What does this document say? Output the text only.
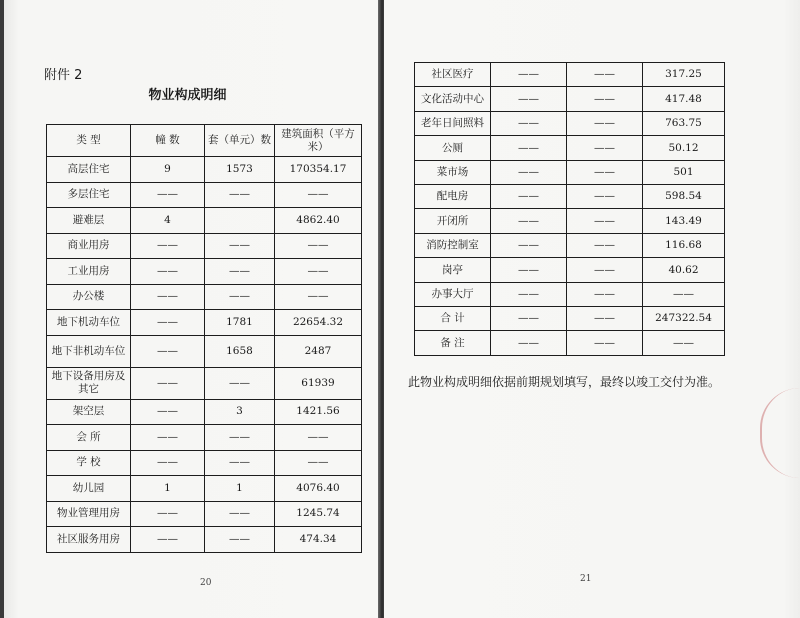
附件 2
物业构成明细
类 型	幢 数	套（单元）数	建筑面积（平方米）
高层住宅	9	1573	170354.17
多层住宅	——	——	——
避难层	4		4862.40
商业用房	——	——	——
工业用房	——	——	——
办公楼	——	——	——
地下机动车位	——	1781	22654.32
地下非机动车位	——	1658	2487
地下设备用房及其它	——	——	61939
架空层	——	3	1421.56
会 所	——	——	——
学 校	——	——	——
幼儿园	1	1	4076.40
物业管理用房	——	——	1245.74
社区服务用房	——	——	474.34
社区医疗	——	——	317.25
文化活动中心	——	——	417.48
老年日间照料	——	——	763.75
公厕	——	——	50.12
菜市场	——	——	501
配电房	——	——	598.54
开闭所	——	——	143.49
消防控制室	——	——	116.68
岗亭	——	——	40.62
办事大厅	——	——	——
合 计	——	——	247322.54
备 注	——	——	——
此物业构成明细依据前期规划填写，最终以竣工交付为准。
20	21
